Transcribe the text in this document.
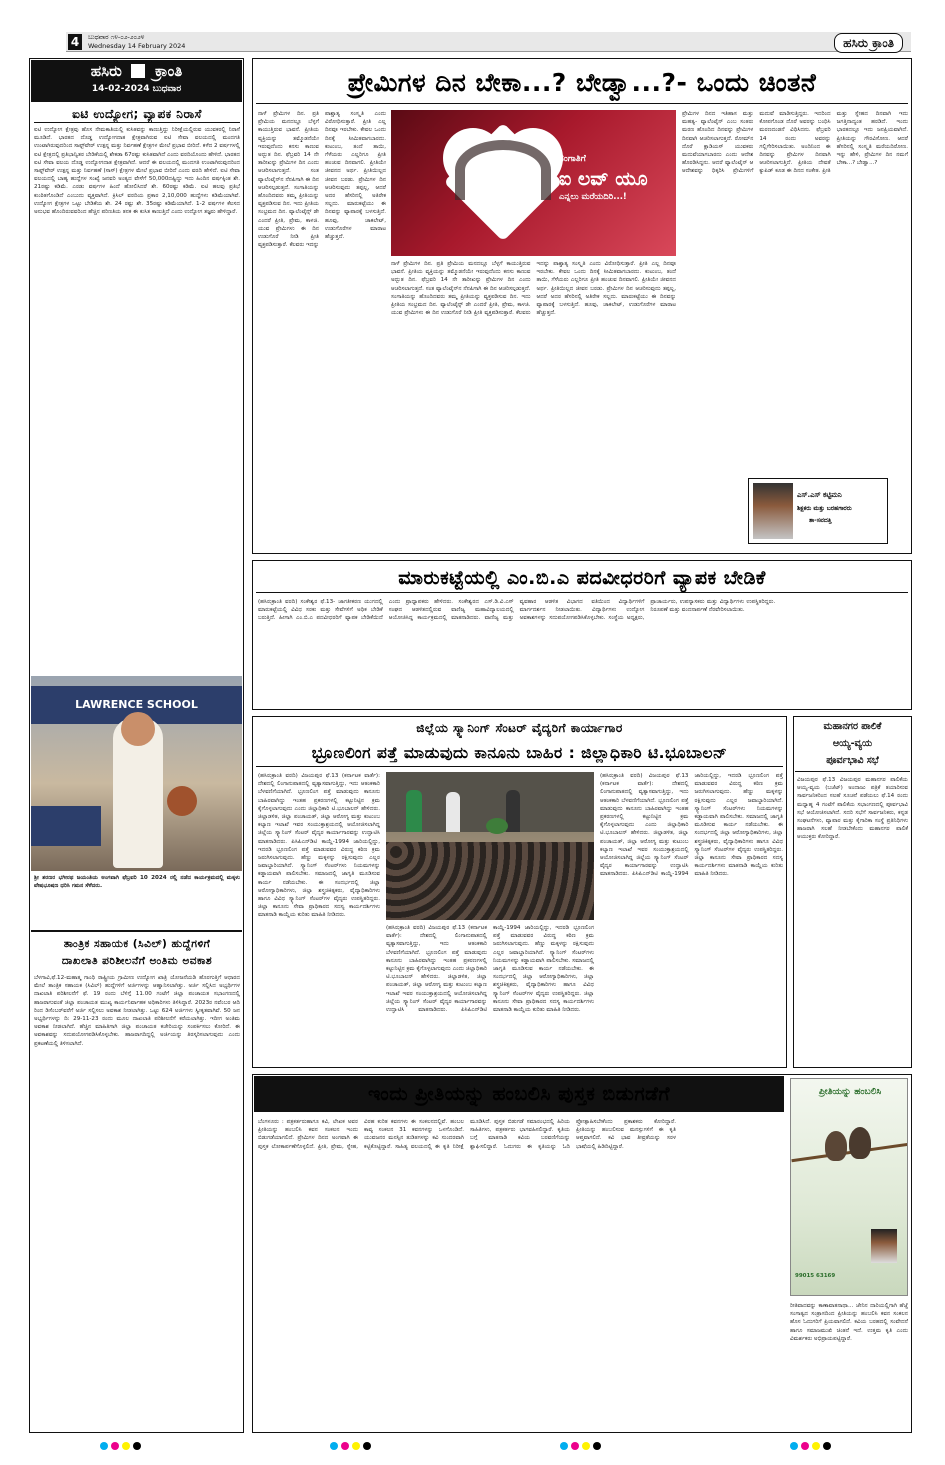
4	ಬುಧವಾರ ೧೪-೦೨-೨೦೨೪
Wednesday 14 February 2024	ಹಸಿರು ಕ್ರಾಂತಿ
ಹಸಿರು ಕ್ರಾಂತಿ
14-02-2024 ಬುಧವಾರ
ಐಟಿ ಉದ್ಯೋಗ; ವ್ಯಾಪಕ ನಿರಾಸೆ
ಐಟಿ ಉದ್ಯೋಗ ಕ್ಷೇತ್ರವು ಹೊಸ ನೇಮಕಾತಿಯಲ್ಲಿ ಕುಸಿತವನ್ನು ಕಾಣುತ್ತಿದ್ದು ನಿರೀಕ್ಷೆಯಲ್ಲಿರುವ ಯುವಕರಲ್ಲಿ ನಿರಾಸೆ ಮೂಡಿದೆ. ಭಾರತದ ದೊಡ್ಡ ಉದ್ಯೋಗದಾತ ಕ್ಷೇತ್ರವಾಗಿರುವ ಐಟಿ ಸೇವಾ ವಲಯದಲ್ಲಿ ಮಂದಗತಿ ಉಂಟಾಗಿರುವುದರಿಂದ ಸಾಫ್ಟ್‌ವೇರ್ ಉತ್ಪನ್ನ ಮತ್ತು ನಿರ್ವಹಣೆ ಕ್ಷೇತ್ರಗಳ ಮೇಲೆ ಪ್ರಭಾವ ಬೀರಿದೆ. ಕಳೆದ 2 ವರ್ಷಗಳಲ್ಲಿ ಐಟಿ ಕ್ಷೇತ್ರದಲ್ಲಿ ಪ್ರತಿಭಾನ್ವಿತರ ಬೇಡಿಕೆಯಲ್ಲಿ ಶೇಕಡಾ 67ರಷ್ಟು ಕುಸಿತವಾಗಿದೆ ಎಂದು ವರದಿಯೊಂದು ಹೇಳಿದೆ. ಭಾರತದ ಐಟಿ ಸೇವಾ ವಲಯ ದೊಡ್ಡ ಉದ್ಯೋಗದಾತ ಕ್ಷೇತ್ರವಾಗಿದೆ. ಆದರೆ ಈ ವಲಯದಲ್ಲಿ ಮಂದಗತಿ ಉಂಟಾಗಿರುವುದರಿಂದ ಸಾಫ್ಟ್‌ವೇರ್ ಉತ್ಪನ್ನ ಮತ್ತು ನಿರ್ವಹಣೆ (ಸಾಸ್) ಕ್ಷೇತ್ರಗಳ ಮೇಲೆ ಪ್ರಭಾವ ಬೀರಿದೆ ಎಂದು ವರದಿ ಹೇಳಿದೆ. ಐಟಿ ಸೇವಾ ವಲಯದಲ್ಲಿ ಬಾಹ್ಯ ಹುದ್ದೆಗಳ ಸಂಖ್ಯೆ ಜನವರಿ ಅಂತ್ಯದ ವೇಳೆಗೆ 50,000ದಷ್ಟಿದ್ದು ಇದು ಹಿಂದಿನ ವರ್ಷಕ್ಕಿಂತ ಶೇ. 21ರಷ್ಟು ಕಡಿಮೆ. ಎರಡು ವರ್ಷಗಳ ಹಿಂದೆ ಹೋಲಿಸಿದರೆ ಶೇ. 60ರಷ್ಟು ಕಡಿಮೆ. ಐಟಿ ಹಲವು ಪ್ರತಿಭೆ ಕುಂಠಿತಗೊಂಡಿದೆ ಎಂಬುದು ವ್ಯಕ್ತವಾಗಿದೆ. ಕ್ರಿಸಿಲ್ ವರದಿಯ ಪ್ರಕಾರ 2,10,000 ಹುದ್ದೆಗಳು ಕಡಿಮೆಯಾಗಿವೆ. ಉದ್ಯೋಗ ಕ್ಷೇತ್ರಗಳ ಒಟ್ಟು ಬೇಡಿಕೆಯ ಶೇ. 24 ರಷ್ಟು ಶೇ. 35ರಷ್ಟು ಕಡಿಮೆಯಾಗಿದೆ. 1-2 ವರ್ಷಗಳ ಕೆಲಸದ ಅನುಭವ ಹೊಂದಿರುವವರಿಂದ ಹೆಚ್ಚಿನ ಪರಿಣತಿಯ ತನಕ ಈ ಕುಸಿತ ಕಾಣುತ್ತಿದೆ ಎಂದು ಉದ್ಯೋಗ ತಜ್ಞರು ಹೇಳಿದ್ದಾರೆ.
LAWRENCE SCHOOL
ಶ್ರೀ ಶರಣರ ಭಗೀರಥ ಜಯಂತಿಯ ಅಂಗವಾಗಿ ಫೆಬ್ರವರಿ 10 2024 ರಲ್ಲಿ ನಡೆದ ಕಾರ್ಯಕ್ರಮದಲ್ಲಿ ಮಕ್ಕಳು ವೇಷಭೂಷಣ ಧರಿಸಿ ಗಮನ ಸೆಳೆದರು.
ತಾಂತ್ರಿಕ ಸಹಾಯಕ (ಸಿವಿಲ್) ಹುದ್ದೆಗಳಿಗೆ
ದಾಖಲಾತಿ ಪರಿಶೀಲನೆಗೆ ಅಂತಿಮ ಅವಕಾಶ
ಬೆಳಗಾವಿ,ಫೆ.12-ಮಹಾತ್ಮ ಗಾಂಧಿ ರಾಷ್ಟ್ರೀಯ ಗ್ರಾಮೀಣ ಉದ್ಯೋಗ ಖಾತ್ರಿ ಯೋಜನೆಯಡಿ ಹೊರಗುತ್ತಿಗೆ ಆಧಾರದ ಮೇಲೆ ತಾಂತ್ರಿಕ ಸಹಾಯಕ (ಸಿವಿಲ್) ಹುದ್ದೆಗಳಿಗೆ ಅರ್ಜಿಗಳನ್ನು ಆಹ್ವಾನಿಸಲಾಗಿತ್ತು. ಅರ್ಜಿ ಸಲ್ಲಿಸಿದ ಅಭ್ಯರ್ಥಿಗಳ ದಾಖಲಾತಿ ಪರಿಶೀಲನೆಗೆ ಫೆ. 19 ರಂದು ಬೆಳಿಗ್ಗೆ 11.00 ಗಂಟೆಗೆ ಜಿಲ್ಲಾ ಪಂಚಾಯತ ಸಭಾಂಗಣದಲ್ಲಿ ಹಾಜರಾಗುವಂತೆ ಜಿಲ್ಲಾ ಪಂಚಾಯತ ಮುಖ್ಯ ಕಾರ್ಯನಿರ್ವಾಹಕ ಅಧಿಕಾರಿಗಳು ತಿಳಿಸಿದ್ದಾರೆ. 2023ರ ನವೆಂಬರ ಆದಿ ರಿಂದ ಡಿಸೆಂಬರ್‌ವರೆಗೆ ಅರ್ಜಿ ಸಲ್ಲಿಸಲು ಅವಕಾಶ ನೀಡಲಾಗಿತ್ತು. ಒಟ್ಟು 624 ಅರ್ಜಿಗಳು ಸ್ವೀಕೃತವಾಗಿವೆ. 50 ಜನ ಅಭ್ಯರ್ಥಿಗಳನ್ನು ದಿ: 29-11-23 ರಂದು ಮೂಲ ದಾಖಲಾತಿ ಪರಿಶೀಲನೆಗೆ ಕರೆಯಲಾಗಿತ್ತು. ಇದೀಗ ಅಂತಿಮ ಅವಕಾಶ ನೀಡಲಾಗಿದೆ. ಹೆಚ್ಚಿನ ಮಾಹಿತಿಗಾಗಿ ಜಿಲ್ಲಾ ಪಂಚಾಯತ ಕಚೇರಿಯನ್ನು ಸಂಪರ್ಕಿಸಲು ಕೋರಿದೆ. ಈ ಅವಕಾಶವನ್ನು ಸದುಪಯೋಗಪಡಿಸಿಕೊಳ್ಳಬೇಕು. ಹಾಜರಾಗದಿದ್ದಲ್ಲಿ ಅರ್ಜಿಯನ್ನು ತಿರಸ್ಕರಿಸಲಾಗುವುದು ಎಂದು ಪ್ರಕಟಣೆಯಲ್ಲಿ ತಿಳಿಸಲಾಗಿದೆ.
ಪ್ರೇಮಿಗಳ ದಿನ ಬೇಕಾ...? ಬೇಡ್ವಾ...?- ಒಂದು ಚಿಂತನೆ
ನಾಳೆ ಪ್ರೇಮಿಗಳ ದಿನ. ಪ್ರತಿ ಪ್ರೇಮಿಯ ಮನದಲ್ಲೂ ಬೆಳ್ಳಗೆ ಕಾಯುತ್ತಿರುವ ಭಾವನೆ. ಪ್ರೀತಿಯ ವ್ಯಕ್ತಿಯನ್ನು ತಮ್ಮೊಡನೆಯೇ ಇರುವುದೆಂದು ಕನಸು ಕಾಣುವ ಅದ್ಭುತ ದಿನ. ಫೆಬ್ರವರಿ 14 ನೇ ತಾರೀಖನ್ನು ಪ್ರೇಮಿಗಳ ದಿನ ಎಂದು ಆಚರಿಸಲಾಗುತ್ತದೆ. ಸಂತ ವ್ಯಾಲೆಂಟೈನ್‌ನ ನೆನಪಿಗಾಗಿ ಈ ದಿನ ಆಚರಿಸಲ್ಪಡುತ್ತದೆ. ಸಂಗಾತಿಯನ್ನು ಹೊಂದಿದವರು ತಮ್ಮ ಪ್ರೀತಿಯನ್ನು ವ್ಯಕ್ತಪಡಿಸುವ ದಿನ. ಇದು ಪ್ರೀತಿಯ ಸಂಭ್ರಮದ ದಿನ. ವ್ಯಾಲೆಂಟೈನ್ಸ್ ಡೇ ಎಂದರೆ ಪ್ರೀತಿ, ಪ್ರೇಮ, ಕಾಳಜಿ. ಯುವ ಪ್ರೇಮಿಗಳು ಈ ದಿನ ಉಡುಗೊರೆ ನೀಡಿ ಪ್ರೀತಿ ವ್ಯಕ್ತಪಡಿಸುತ್ತಾರೆ. ಕೆಲವರು ಇದನ್ನು ಪಾಶ್ಚಾತ್ಯ ಸಂಸ್ಕೃತಿ ಎಂದು ವಿರೋಧಿಸುತ್ತಾರೆ. ಪ್ರೀತಿ ಎಲ್ಲ ದಿನವೂ ಇರಬೇಕು. ಕೇವಲ ಒಂದು ದಿನಕ್ಕೆ ಸೀಮಿತವಾಗಬಾರದು. ಕುಟುಂಬ, ತಂದೆ ತಾಯಿ, ಗೆಳೆಯರು ಎಲ್ಲರಿಗೂ ಪ್ರೀತಿ ಹಂಚುವ ದಿನವಾಗಲಿ. ಪ್ರೀತಿಯೇ ಜೀವನದ ಅರ್ಥ. ಪ್ರೀತಿಯಿಲ್ಲದ ಜೀವನ ಬರಡು. ಪ್ರೇಮಿಗಳ ದಿನ ಆಚರಿಸುವುದು ತಪ್ಪಲ್ಲ, ಆದರೆ ಅದರ ಹೆಸರಿನಲ್ಲಿ ಅತಿರೇಕ ಸಲ್ಲದು. ಮಾರುಕಟ್ಟೆಯು ಈ ದಿನವನ್ನು ವ್ಯಾಪಾರಕ್ಕೆ ಬಳಸುತ್ತಿದೆ. ಹೂವು, ಚಾಕಲೇಟ್, ಉಡುಗೊರೆಗಳ ಮಾರಾಟ ಹೆಚ್ಚುತ್ತದೆ.
ಸಂಗಾತಿಗೆ
ಐ ಲವ್ ಯೂ
ಎನ್ನಲು ಮರೆಯದಿರಿ...!
ನಾಳೆ ಪ್ರೇಮಿಗಳ ದಿನ. ಪ್ರತಿ ಪ್ರೇಮಿಯ ಮನದಲ್ಲೂ ಬೆಳ್ಳಗೆ ಕಾಯುತ್ತಿರುವ ಭಾವನೆ. ಪ್ರೀತಿಯ ವ್ಯಕ್ತಿಯನ್ನು ತಮ್ಮೊಡನೆಯೇ ಇರುವುದೆಂದು ಕನಸು ಕಾಣುವ ಅದ್ಭುತ ದಿನ. ಫೆಬ್ರವರಿ 14 ನೇ ತಾರೀಖನ್ನು ಪ್ರೇಮಿಗಳ ದಿನ ಎಂದು ಆಚರಿಸಲಾಗುತ್ತದೆ. ಸಂತ ವ್ಯಾಲೆಂಟೈನ್‌ನ ನೆನಪಿಗಾಗಿ ಈ ದಿನ ಆಚರಿಸಲ್ಪಡುತ್ತದೆ. ಸಂಗಾತಿಯನ್ನು ಹೊಂದಿದವರು ತಮ್ಮ ಪ್ರೀತಿಯನ್ನು ವ್ಯಕ್ತಪಡಿಸುವ ದಿನ. ಇದು ಪ್ರೀತಿಯ ಸಂಭ್ರಮದ ದಿನ. ವ್ಯಾಲೆಂಟೈನ್ಸ್ ಡೇ ಎಂದರೆ ಪ್ರೀತಿ, ಪ್ರೇಮ, ಕಾಳಜಿ. ಯುವ ಪ್ರೇಮಿಗಳು ಈ ದಿನ ಉಡುಗೊರೆ ನೀಡಿ ಪ್ರೀತಿ ವ್ಯಕ್ತಪಡಿಸುತ್ತಾರೆ. ಕೆಲವರು ಇದನ್ನು ಪಾಶ್ಚಾತ್ಯ ಸಂಸ್ಕೃತಿ ಎಂದು ವಿರೋಧಿಸುತ್ತಾರೆ. ಪ್ರೀತಿ ಎಲ್ಲ ದಿನವೂ ಇರಬೇಕು. ಕೇವಲ ಒಂದು ದಿನಕ್ಕೆ ಸೀಮಿತವಾಗಬಾರದು. ಕುಟುಂಬ, ತಂದೆ ತಾಯಿ, ಗೆಳೆಯರು ಎಲ್ಲರಿಗೂ ಪ್ರೀತಿ ಹಂಚುವ ದಿನವಾಗಲಿ. ಪ್ರೀತಿಯೇ ಜೀವನದ ಅರ್ಥ. ಪ್ರೀತಿಯಿಲ್ಲದ ಜೀವನ ಬರಡು. ಪ್ರೇಮಿಗಳ ದಿನ ಆಚರಿಸುವುದು ತಪ್ಪಲ್ಲ, ಆದರೆ ಅದರ ಹೆಸರಿನಲ್ಲಿ ಅತಿರೇಕ ಸಲ್ಲದು. ಮಾರುಕಟ್ಟೆಯು ಈ ದಿನವನ್ನು ವ್ಯಾಪಾರಕ್ಕೆ ಬಳಸುತ್ತಿದೆ. ಹೂವು, ಚಾಕಲೇಟ್, ಉಡುಗೊರೆಗಳ ಮಾರಾಟ ಹೆಚ್ಚುತ್ತದೆ.
ಪ್ರೇಮಿಗಳ ದಿನದ ಇತಿಹಾಸ ಮತ್ತು ಮಹತ್ವ- ವ್ಯಾಲೆಂಟೈನ್ ಎಂಬ ಸಂತರು ಮರಣ ಹೊಂದಿದ ದಿನವನ್ನು ಪ್ರೇಮಿಗಳ ದಿನವಾಗಿ ಆಚರಿಸಲಾಗುತ್ತದೆ. ರೋಮ್‌ನ ದೊರೆ ಕ್ಲಾಡಿಯಸ್ ಯುವಕರು ಮದುವೆಯಾಗಬಾರದು ಎಂದು ಆದೇಶ ಹೊರಡಿಸಿದ್ದನು. ಆದರೆ ವ್ಯಾಲೆಂಟೈನ್ ಆ ಆದೇಶವನ್ನು ಧಿಕ್ಕರಿಸಿ ಪ್ರೇಮಿಗಳಿಗೆ ಮದುವೆ ಮಾಡಿಸುತ್ತಿದ್ದರು. ಇದರಿಂದ ಕೋಪಗೊಂಡ ದೊರೆ ಅವರನ್ನು ಬಂಧಿಸಿ ಮರಣದಂಡನೆ ವಿಧಿಸಿದನು. ಫೆಬ್ರವರಿ 14 ರಂದು ಅವರನ್ನು ಗಲ್ಲಿಗೇರಿಸಲಾಯಿತು. ಅಂದಿನಿಂದ ಈ ದಿನವನ್ನು ಪ್ರೇಮಿಗಳ ದಿನವಾಗಿ ಆಚರಿಸಲಾಗುತ್ತಿದೆ. ಪ್ರೀತಿಯ ದೇವತೆ ಕ್ಯುಪಿಡ್ ಕೂಡ ಈ ದಿನದ ಸಂಕೇತ. ಪ್ರೀತಿ ಮತ್ತು ಸ್ನೇಹದ ದಿನವಾಗಿ ಇದು ಜಗತ್ತಿನಾದ್ಯಂತ ಹರಡಿದೆ. ಇಂದು ಭಾರತದಲ್ಲೂ ಇದು ಜನಪ್ರಿಯವಾಗಿದೆ. ಪ್ರೀತಿಯನ್ನು ಗೌರವಿಸೋಣ. ಆದರೆ ಹೆಸರಿನಲ್ಲಿ ಸಂಸ್ಕೃತಿ ಮರೆಯದಿರೋಣ. ಇನ್ನು ಹೇಳಿ, ಪ್ರೇಮಿಗಳ ದಿನ ನಮಗೆ ಬೇಕಾ...? ಬೇಡ್ವಾ...?
ಎಸ್.ಎಸ್ ಕಟ್ಟಿಮನಿ
ಶಿಕ್ಷಕರು ಮತ್ತು ಬರಹಗಾರರು
ತಾ-ಸವದತ್ತಿ
ಮಾರುಕಟ್ಟೆಯಲ್ಲಿ ಎಂ.ಬಿ.ಎ ಪದವೀಧರರಿಗೆ ವ್ಯಾಪಕ ಬೇಡಿಕೆ
(ಹಸಿರುಕ್ರಾಂತಿ ವರದಿ) ಸಂಕೇಶ್ವರ ಫೆ.13- ಜಾಗತೀಕರಣ ಯುಗದಲ್ಲಿ ಮಾರುಕಟ್ಟೆಯಲ್ಲಿ ವಿವಿಧ ಸರಕು ಮತ್ತು ಸೇವೆಗಳಿಗೆ ಅಧಿಕ ಬೇಡಿಕೆ ಬರುತ್ತಿದೆ. ಹೀಗಾಗಿ ಎಂ.ಬಿ.ಎ ಪದವೀಧರರಿಗೆ ವ್ಯಾಪಕ ಬೇಡಿಕೆಯಿದೆ ಎಂದು ಪ್ರಾಧ್ಯಾಪಕರು ಹೇಳಿದರು. ಸಂಕೇಶ್ವರದ ಎಸ್.ಡಿ.ವಿ.ಎಸ್ ಸಂಘದ ಆಡಳಿತದಲ್ಲಿರುವ ವಾಣಿಜ್ಯ ಮಹಾವಿದ್ಯಾಲಯದಲ್ಲಿ ಆಯೋಜಿಸಿದ್ದ ಕಾರ್ಯಕ್ರಮದಲ್ಲಿ ಮಾತನಾಡಿದರು. ವಾಣಿಜ್ಯ ಮತ್ತು ವ್ಯವಹಾರ ಆಡಳಿತ ವಿಭಾಗದ ವತಿಯಿಂದ ವಿದ್ಯಾರ್ಥಿಗಳಿಗೆ ಮಾರ್ಗದರ್ಶನ ನೀಡಲಾಯಿತು. ವಿದ್ಯಾರ್ಥಿಗಳು ಉದ್ಯೋಗ ಅವಕಾಶಗಳನ್ನು ಸದುಪಯೋಗಪಡಿಸಿಕೊಳ್ಳಬೇಕು. ಸಂಸ್ಥೆಯ ಅಧ್ಯಕ್ಷರು, ಪ್ರಾಚಾರ್ಯರು, ಉಪನ್ಯಾಸಕರು ಮತ್ತು ವಿದ್ಯಾರ್ಥಿಗಳು ಉಪಸ್ಥಿತರಿದ್ದರು. ನಿರೂಪಣೆ ಮತ್ತು ವಂದನಾರ್ಪಣೆ ನೆರವೇರಿಸಲಾಯಿತು.
ಜಿಲ್ಲೆಯ ಸ್ಕ್ಯಾನಿಂಗ್ ಸೆಂಟರ್ ವೈದ್ಯರಿಗೆ ಕಾರ್ಯಾಗಾರ
ಭ್ರೂಣಲಿಂಗ ಪತ್ತೆ ಮಾಡುವುದು ಕಾನೂನು ಬಾಹಿರ : ಜಿಲ್ಲಾಧಿಕಾರಿ ಟಿ.ಭೂಬಾಲನ್
(ಹಸಿರುಕ್ರಾಂತಿ ವರದಿ) ವಿಜಯಪುರ ಫೆ.13 (ಕರ್ನಾಟಕ ವಾರ್ತೆ): ದೇಶದಲ್ಲಿ ಲಿಂಗಾನುಪಾತದಲ್ಲಿ ವ್ಯತ್ಯಾಸವಾಗುತ್ತಿದ್ದು, ಇದು ಆತಂಕಕಾರಿ ಬೆಳವಣಿಗೆಯಾಗಿದೆ. ಭ್ರೂಣಲಿಂಗ ಪತ್ತೆ ಮಾಡುವುದು ಕಾನೂನು ಬಾಹಿರವಾಗಿದ್ದು ಇಂತಹ ಪ್ರಕರಣಗಳಲ್ಲಿ ಕಟ್ಟುನಿಟ್ಟಿನ ಕ್ರಮ ಕೈಗೊಳ್ಳಲಾಗುವುದು ಎಂದು ಜಿಲ್ಲಾಧಿಕಾರಿ ಟಿ.ಭೂಬಾಲನ್ ಹೇಳಿದರು. ಜಿಲ್ಲಾಡಳಿತ, ಜಿಲ್ಲಾ ಪಂಚಾಯತ್, ಜಿಲ್ಲಾ ಆರೋಗ್ಯ ಮತ್ತು ಕುಟುಂಬ ಕಲ್ಯಾಣ ಇಲಾಖೆ ಇವರ ಸಂಯುಕ್ತಾಶ್ರಯದಲ್ಲಿ ಆಯೋಜಿಸಲಾಗಿದ್ದ ಜಿಲ್ಲೆಯ ಸ್ಕ್ಯಾನಿಂಗ್ ಸೆಂಟರ್ ವೈದ್ಯರ ಕಾರ್ಯಾಗಾರವನ್ನು ಉದ್ಘಾಟಿಸಿ ಮಾತನಾಡಿದರು. ಪಿಸಿಪಿಎನ್‌ಡಿಟಿ ಕಾಯ್ದೆ-1994 ಜಾರಿಯಲ್ಲಿದ್ದು, ಇದರಡಿ ಭ್ರೂಣಲಿಂಗ ಪತ್ತೆ ಮಾಡುವವರ ವಿರುದ್ಧ ಕಠಿಣ ಕ್ರಮ ಜರುಗಿಸಲಾಗುವುದು. ಹೆಣ್ಣು ಮಕ್ಕಳನ್ನು ರಕ್ಷಿಸುವುದು ಎಲ್ಲರ ಜವಾಬ್ದಾರಿಯಾಗಿದೆ. ಸ್ಕ್ಯಾನಿಂಗ್ ಸೆಂಟರ್‌ಗಳು ನಿಯಮಗಳನ್ನು ಕಡ್ಡಾಯವಾಗಿ ಪಾಲಿಸಬೇಕು. ಸಮಾಜದಲ್ಲಿ ಜಾಗೃತಿ ಮೂಡಿಸುವ ಕಾರ್ಯ ನಡೆಯಬೇಕು. ಈ ಸಂದರ್ಭದಲ್ಲಿ ಜಿಲ್ಲಾ ಆರೋಗ್ಯಾಧಿಕಾರಿಗಳು, ಜಿಲ್ಲಾ ಶಸ್ತ್ರಚಿಕಿತ್ಸಕರು, ವೈದ್ಯಾಧಿಕಾರಿಗಳು ಹಾಗೂ ವಿವಿಧ ಸ್ಕ್ಯಾನಿಂಗ್ ಸೆಂಟರ್‌ಗಳ ವೈದ್ಯರು ಉಪಸ್ಥಿತರಿದ್ದರು. ಜಿಲ್ಲಾ ಕಾನೂನು ಸೇವಾ ಪ್ರಾಧಿಕಾರದ ಸದಸ್ಯ ಕಾರ್ಯದರ್ಶಿಗಳು ಮಾತನಾಡಿ ಕಾಯ್ದೆಯ ಕುರಿತು ಮಾಹಿತಿ ನೀಡಿದರು.
(ಹಸಿರುಕ್ರಾಂತಿ ವರದಿ) ವಿಜಯಪುರ ಫೆ.13 (ಕರ್ನಾಟಕ ವಾರ್ತೆ): ದೇಶದಲ್ಲಿ ಲಿಂಗಾನುಪಾತದಲ್ಲಿ ವ್ಯತ್ಯಾಸವಾಗುತ್ತಿದ್ದು, ಇದು ಆತಂಕಕಾರಿ ಬೆಳವಣಿಗೆಯಾಗಿದೆ. ಭ್ರೂಣಲಿಂಗ ಪತ್ತೆ ಮಾಡುವುದು ಕಾನೂನು ಬಾಹಿರವಾಗಿದ್ದು ಇಂತಹ ಪ್ರಕರಣಗಳಲ್ಲಿ ಕಟ್ಟುನಿಟ್ಟಿನ ಕ್ರಮ ಕೈಗೊಳ್ಳಲಾಗುವುದು ಎಂದು ಜಿಲ್ಲಾಧಿಕಾರಿ ಟಿ.ಭೂಬಾಲನ್ ಹೇಳಿದರು. ಜಿಲ್ಲಾಡಳಿತ, ಜಿಲ್ಲಾ ಪಂಚಾಯತ್, ಜಿಲ್ಲಾ ಆರೋಗ್ಯ ಮತ್ತು ಕುಟುಂಬ ಕಲ್ಯಾಣ ಇಲಾಖೆ ಇವರ ಸಂಯುಕ್ತಾಶ್ರಯದಲ್ಲಿ ಆಯೋಜಿಸಲಾಗಿದ್ದ ಜಿಲ್ಲೆಯ ಸ್ಕ್ಯಾನಿಂಗ್ ಸೆಂಟರ್ ವೈದ್ಯರ ಕಾರ್ಯಾಗಾರವನ್ನು ಉದ್ಘಾಟಿಸಿ ಮಾತನಾಡಿದರು. ಪಿಸಿಪಿಎನ್‌ಡಿಟಿ ಕಾಯ್ದೆ-1994 ಜಾರಿಯಲ್ಲಿದ್ದು, ಇದರಡಿ ಭ್ರೂಣಲಿಂಗ ಪತ್ತೆ ಮಾಡುವವರ ವಿರುದ್ಧ ಕಠಿಣ ಕ್ರಮ ಜರುಗಿಸಲಾಗುವುದು. ಹೆಣ್ಣು ಮಕ್ಕಳನ್ನು ರಕ್ಷಿಸುವುದು ಎಲ್ಲರ ಜವಾಬ್ದಾರಿಯಾಗಿದೆ. ಸ್ಕ್ಯಾನಿಂಗ್ ಸೆಂಟರ್‌ಗಳು ನಿಯಮಗಳನ್ನು ಕಡ್ಡಾಯವಾಗಿ ಪಾಲಿಸಬೇಕು. ಸಮಾಜದಲ್ಲಿ ಜಾಗೃತಿ ಮೂಡಿಸುವ ಕಾರ್ಯ ನಡೆಯಬೇಕು. ಈ ಸಂದರ್ಭದಲ್ಲಿ ಜಿಲ್ಲಾ ಆರೋಗ್ಯಾಧಿಕಾರಿಗಳು, ಜಿಲ್ಲಾ ಶಸ್ತ್ರಚಿಕಿತ್ಸಕರು, ವೈದ್ಯಾಧಿಕಾರಿಗಳು ಹಾಗೂ ವಿವಿಧ ಸ್ಕ್ಯಾನಿಂಗ್ ಸೆಂಟರ್‌ಗಳ ವೈದ್ಯರು ಉಪಸ್ಥಿತರಿದ್ದರು. ಜಿಲ್ಲಾ ಕಾನೂನು ಸೇವಾ ಪ್ರಾಧಿಕಾರದ ಸದಸ್ಯ ಕಾರ್ಯದರ್ಶಿಗಳು ಮಾತನಾಡಿ ಕಾಯ್ದೆಯ ಕುರಿತು ಮಾಹಿತಿ ನೀಡಿದರು.
(ಹಸಿರುಕ್ರಾಂತಿ ವರದಿ) ವಿಜಯಪುರ ಫೆ.13 (ಕರ್ನಾಟಕ ವಾರ್ತೆ): ದೇಶದಲ್ಲಿ ಲಿಂಗಾನುಪಾತದಲ್ಲಿ ವ್ಯತ್ಯಾಸವಾಗುತ್ತಿದ್ದು, ಇದು ಆತಂಕಕಾರಿ ಬೆಳವಣಿಗೆಯಾಗಿದೆ. ಭ್ರೂಣಲಿಂಗ ಪತ್ತೆ ಮಾಡುವುದು ಕಾನೂನು ಬಾಹಿರವಾಗಿದ್ದು ಇಂತಹ ಪ್ರಕರಣಗಳಲ್ಲಿ ಕಟ್ಟುನಿಟ್ಟಿನ ಕ್ರಮ ಕೈಗೊಳ್ಳಲಾಗುವುದು ಎಂದು ಜಿಲ್ಲಾಧಿಕಾರಿ ಟಿ.ಭೂಬಾಲನ್ ಹೇಳಿದರು. ಜಿಲ್ಲಾಡಳಿತ, ಜಿಲ್ಲಾ ಪಂಚಾಯತ್, ಜಿಲ್ಲಾ ಆರೋಗ್ಯ ಮತ್ತು ಕುಟುಂಬ ಕಲ್ಯಾಣ ಇಲಾಖೆ ಇವರ ಸಂಯುಕ್ತಾಶ್ರಯದಲ್ಲಿ ಆಯೋಜಿಸಲಾಗಿದ್ದ ಜಿಲ್ಲೆಯ ಸ್ಕ್ಯಾನಿಂಗ್ ಸೆಂಟರ್ ವೈದ್ಯರ ಕಾರ್ಯಾಗಾರವನ್ನು ಉದ್ಘಾಟಿಸಿ ಮಾತನಾಡಿದರು. ಪಿಸಿಪಿಎನ್‌ಡಿಟಿ ಕಾಯ್ದೆ-1994 ಜಾರಿಯಲ್ಲಿದ್ದು, ಇದರಡಿ ಭ್ರೂಣಲಿಂಗ ಪತ್ತೆ ಮಾಡುವವರ ವಿರುದ್ಧ ಕಠಿಣ ಕ್ರಮ ಜರುಗಿಸಲಾಗುವುದು. ಹೆಣ್ಣು ಮಕ್ಕಳನ್ನು ರಕ್ಷಿಸುವುದು ಎಲ್ಲರ ಜವಾಬ್ದಾರಿಯಾಗಿದೆ. ಸ್ಕ್ಯಾನಿಂಗ್ ಸೆಂಟರ್‌ಗಳು ನಿಯಮಗಳನ್ನು ಕಡ್ಡಾಯವಾಗಿ ಪಾಲಿಸಬೇಕು. ಸಮಾಜದಲ್ಲಿ ಜಾಗೃತಿ ಮೂಡಿಸುವ ಕಾರ್ಯ ನಡೆಯಬೇಕು. ಈ ಸಂದರ್ಭದಲ್ಲಿ ಜಿಲ್ಲಾ ಆರೋಗ್ಯಾಧಿಕಾರಿಗಳು, ಜಿಲ್ಲಾ ಶಸ್ತ್ರಚಿಕಿತ್ಸಕರು, ವೈದ್ಯಾಧಿಕಾರಿಗಳು ಹಾಗೂ ವಿವಿಧ ಸ್ಕ್ಯಾನಿಂಗ್ ಸೆಂಟರ್‌ಗಳ ವೈದ್ಯರು ಉಪಸ್ಥಿತರಿದ್ದರು. ಜಿಲ್ಲಾ ಕಾನೂನು ಸೇವಾ ಪ್ರಾಧಿಕಾರದ ಸದಸ್ಯ ಕಾರ್ಯದರ್ಶಿಗಳು ಮಾತನಾಡಿ ಕಾಯ್ದೆಯ ಕುರಿತು ಮಾಹಿತಿ ನೀಡಿದರು.
ಮಹಾನಗರ ಪಾಲಿಕೆ
ಆಯ್ಯ-ವ್ಯಯ
ಪೂರ್ವಭಾವಿ ಸಭೆ
ವಿಜಯಪುರ ಫೆ.13 ವಿಜಯಪುರ ಮಹಾನಗರ ಪಾಲಿಕೆಯ ಆಯ್ಯ-ವ್ಯಯ (ಬಜೆಟ್) ಅಂದಾಜು ಪತ್ರಿಕೆ ತಯಾರಿಸುವ ಸಾರ್ವಜನಿಕರಿಂದ ಸಲಹೆ ಸೂಚನೆ ಪಡೆಯಲು ಫೆ.14 ರಂದು ಮಧ್ಯಾಹ್ನ 4 ಗಂಟೆಗೆ ಪಾಲಿಕೆಯ ಸಭಾಂಗಣದಲ್ಲಿ ಪೂರ್ವಭಾವಿ ಸಭೆ ಆಯೋಜಿಸಲಾಗಿದೆ. ಸದರಿ ಸಭೆಗೆ ಸಾರ್ವಜನಿಕರು, ಕನ್ನಡ ಸಂಘಟನೆಗಳು, ವ್ಯಾಪಾರ ಮತ್ತು ಕೈಗಾರಿಕಾ ಸಂಸ್ಥೆ ಪ್ರತಿನಿಧಿಗಳು ಹಾಜರಾಗಿ ಸಲಹೆ ನೀಡಬೇಕೆಂದು ಮಹಾನಗರ ಪಾಲಿಕೆ ಆಯುಕ್ತರು ಕೋರಿದ್ದಾರೆ.
ಇಂದು ಪ್ರೀತಿಯನ್ನು ಹಂಬಲಿಸಿ ಪುಸ್ತಕ ಬಿಡುಗಡೆಗೆ
ಬೆಂಗಳೂರು : ಪತ್ರಕರ್ತರುಹಾಗೂ ಕವಿ, ಲೇಖಕ ಅವರ ಪ್ರೀತಿಯನ್ನು ಹಂಬಲಿಸಿ ಕವನ ಸಂಕಲನ ಇಂದು ಬಿಡುಗಡೆಯಾಗಲಿದೆ. ಪ್ರೇಮಿಗಳ ದಿನದ ಅಂಗವಾಗಿ ಈ ಪುಸ್ತಕ ಲೋಕಾರ್ಪಣೆಗೊಳ್ಳಲಿದೆ. ಪ್ರೀತಿ, ಪ್ರೇಮ, ಸ್ನೇಹ, ವಿರಹ ಕುರಿತ ಕವನಗಳು ಈ ಸಂಕಲನದಲ್ಲಿವೆ. ಹಂಬಲ ಕಾವ್ಯ ಸಂಕಲನ 31 ಕವನಗಳನ್ನು ಒಳಗೊಂಡಿದೆ. ಯುವಜನರ ಮನಸ್ಸಿನ ತುಡಿತಗಳನ್ನು ಕವಿ ಸುಂದರವಾಗಿ ಕಟ್ಟಿಕೊಟ್ಟಿದ್ದಾರೆ. ಸಾಹಿತ್ಯ ವಲಯದಲ್ಲಿ ಈ ಕೃತಿ ನಿರೀಕ್ಷೆ ಮೂಡಿಸಿದೆ. ಪುಸ್ತಕ ಬಿಡುಗಡೆ ಸಮಾರಂಭದಲ್ಲಿ ಹಿರಿಯ ಸಾಹಿತಿಗಳು, ಪತ್ರಕರ್ತರು ಭಾಗವಹಿಸಲಿದ್ದಾರೆ. ಕೃತಿಯ ಬಗ್ಗೆ ಮಾತನಾಡಿ ಕವಿಯ ಬರವಣಿಗೆಯನ್ನು ಶ್ಲಾಘಿಸಲಿದ್ದಾರೆ. ಓದುಗರು ಈ ಕೃತಿಯನ್ನು ಓದಿ ಪ್ರೋತ್ಸಾಹಿಸಬೇಕೆಂದು ಪ್ರಕಾಶಕರು ಕೋರಿದ್ದಾರೆ. ಪ್ರೀತಿಯನ್ನು ಹಂಬಲಿಸುವ ಮನಸ್ಸುಗಳಿಗೆ ಈ ಕೃತಿ ಆಪ್ತವಾಗಲಿದೆ. ಕವಿ ಭಾವ ತೀವ್ರತೆಯನ್ನು ಸರಳ ಭಾಷೆಯಲ್ಲಿ ಹಿಡಿದಿಟ್ಟಿದ್ದಾರೆ.
ಪ್ರೀತಿಯನ್ನು ಹಂಬಲಿಸಿ
99015 63169
ರೀತಿವಾದವನ್ನು ಕಾಣಾವಾತನಾಥಾ... ಜೇನಿನ ದಾರಿಯಲ್ಲಿಗಾಗಿ ಹೆಜ್ಜೆ ಸಂಗಾತ್ವದ ಸಂತ್ರಾಸದಿಂದ ಪ್ರೀತಿಯನ್ನು ಹಂಬಲಿಸಿ ಕವನ ಸಂಕಲನ ಹೊಸ ಓದುಗರಿಗೆ ಪ್ರಿಯವಾಗಲಿದೆ. ಕವಿಯ ಬರಹದಲ್ಲಿ ಸಂವೇದನೆ ಹಾಗೂ ಸಮಾಜಮುಖಿ ಚಿಂತನೆ ಇದೆ. ಉತ್ತಮ ಕೃತಿ ಎಂದು ವಿಮರ್ಶಕರು ಅಭಿಪ್ರಾಯಪಟ್ಟಿದ್ದಾರೆ.
